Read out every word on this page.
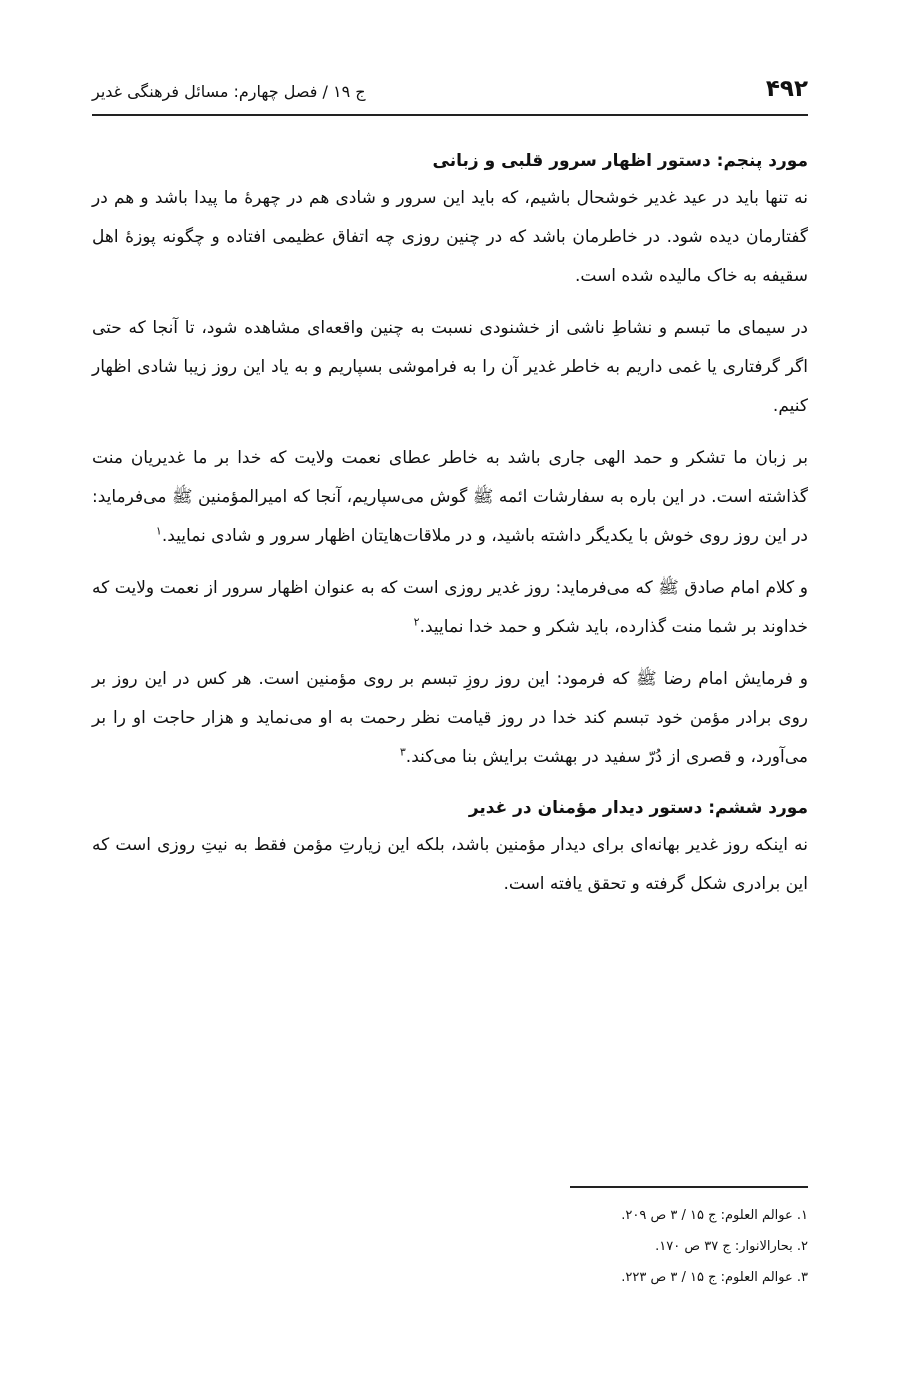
۴۹۲
ج ۱۹ / فصل چهارم: مسائل فرهنگی غدیر

مورد پنجم: دستور اظهار سرور قلبی و زبانی

نه تنها باید در عید غدیر خوشحال باشیم، که باید این سرور و شادی هم در چهرهٔ ما پیدا باشد و هم در گفتارمان دیده شود. در خاطرمان باشد که در چنین روزی چه اتفاق عظیمی افتاده و چگونه پوزهٔ اهل سقیفه به خاک مالیده شده است.

در سیمای ما تبسم و نشاطِ ناشی از خشنودی نسبت به چنین واقعه‌ای مشاهده شود، تا آنجا که حتی اگر گرفتاری یا غمی داریم به خاطر غدیر آن را به فراموشی بسپاریم و به یاد این روز زیبا شادی اظهار کنیم.

بر زبان ما تشکر و حمد الهی جاری باشد به خاطر عطای نعمت ولایت که خدا بر ما غدیریان منت گذاشته است. در این باره به سفارشات ائمه ﷺ گوش می‌سپاریم، آنجا که امیرالمؤمنین ﷺ می‌فرماید: در این روز روی خوش با یکدیگر داشته باشید، و در ملاقات‌هایتان اظهار سرور و شادی نمایید.$^۱$

و کلام امام صادق ﷺ که می‌فرماید: روز غدیر روزی است که به عنوان اظهار سرور از نعمت ولایت که خداوند بر شما منت گذارده، باید شکر و حمد خدا نمایید.$^۲$

و فرمایش امام رضا ﷺ که فرمود: این روز روزِ تبسم بر روی مؤمنین است. هر کس در این روز بر روی برادر مؤمن خود تبسم کند خدا در روز قیامت نظر رحمت به او می‌نماید و هزار حاجت او را بر می‌آورد، و قصری از دُرّ سفید در بهشت برایش بنا می‌کند.$^۳$

مورد ششم: دستور دیدار مؤمنان در غدیر

نه اینکه روز غدیر بهانه‌ای برای دیدار مؤمنین باشد، بلکه این زیارتِ مؤمن فقط به نیتِ روزی است که این برادری شکل گرفته و تحقق یافته است.

۱. عوالم العلوم: ج ۱۵ / ۳ ص ۲۰۹.
۲. بحارالانوار: ج ۳۷ ص ۱۷۰.
۳. عوالم العلوم: ج ۱۵ / ۳ ص ۲۲۳.
